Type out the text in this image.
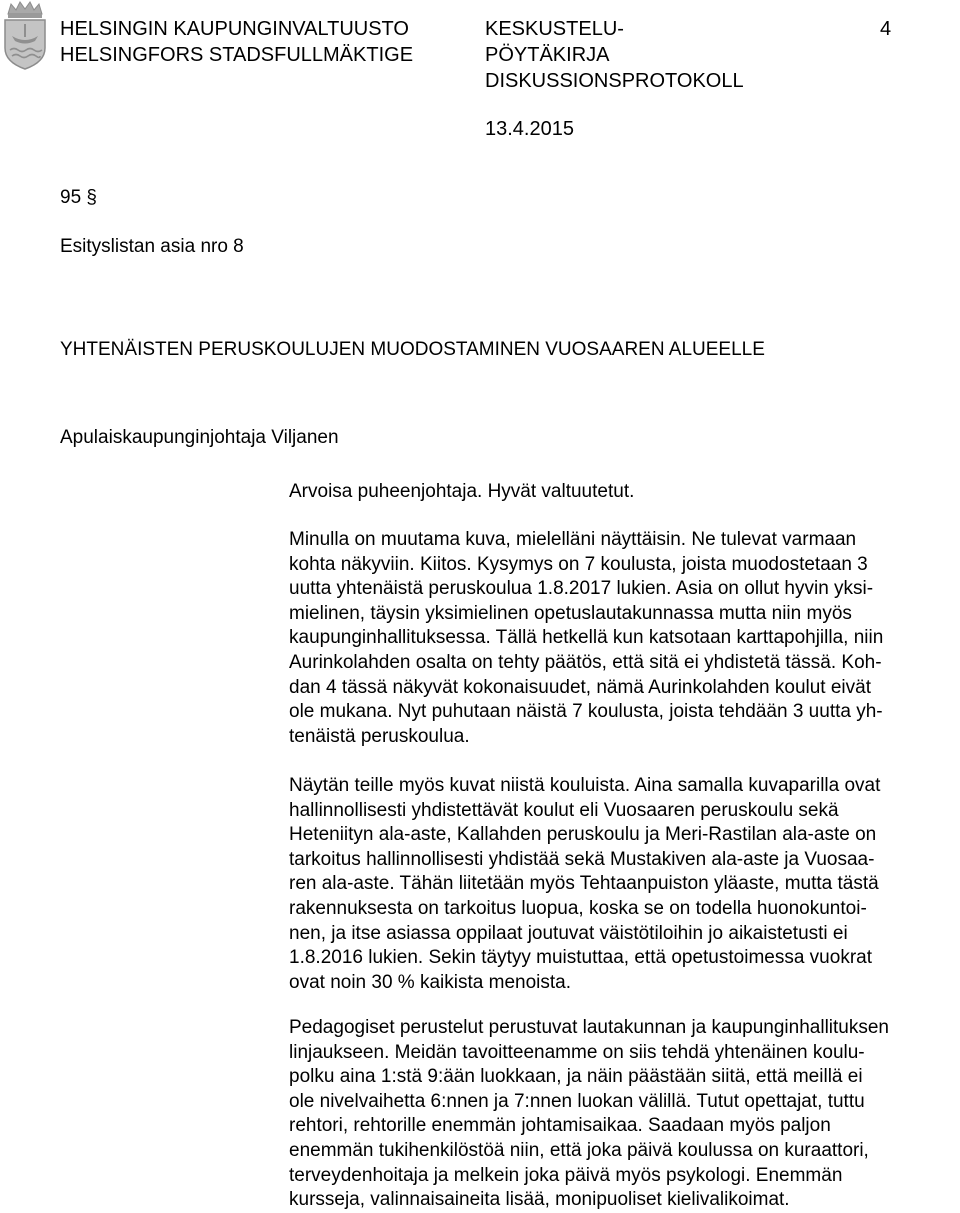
HELSINGIN KAUPUNGINVALTUUSTO
HELSINGFORS STADSFULLMÄKTIGE
KESKUSTELU-
PÖYTÄKIRJA
DISKUSSIONSPROTOKOLL
4
13.4.2015
95 §
Esityslistan asia nro 8
YHTENÄISTEN PERUSKOULUJEN MUODOSTAMINEN VUOSAAREN ALUEELLE
Apulaiskaupunginjohtaja Viljanen
Arvoisa puheenjohtaja. Hyvät valtuutetut.
Minulla on muutama kuva, mielelläni näyttäisin. Ne tulevat varmaan
kohta näkyviin. Kiitos. Kysymys on 7 koulusta, joista muodostetaan 3
uutta yhtenäistä peruskoulua 1.8.2017 lukien. Asia on ollut hyvin yksi-
mielinen, täysin yksimielinen opetuslautakunnassa mutta niin myös
kaupunginhallituksessa. Tällä hetkellä kun katsotaan karttapohjilla, niin
Aurinkolahden osalta on tehty päätös, että sitä ei yhdistetä tässä. Koh-
dan 4 tässä näkyvät kokonaisuudet, nämä Aurinkolahden koulut eivät
ole mukana. Nyt puhutaan näistä 7 koulusta, joista tehdään 3 uutta yh-
tenäistä peruskoulua.
Näytän teille myös kuvat niistä kouluista. Aina samalla kuvaparilla ovat
hallinnollisesti yhdistettävät koulut eli Vuosaaren peruskoulu sekä
Heteniityn ala-aste, Kallahden peruskoulu ja Meri-Rastilan ala-aste on
tarkoitus hallinnollisesti yhdistää sekä Mustakiven ala-aste ja Vuosaa-
ren ala-aste. Tähän liitetään myös Tehtaanpuiston yläaste, mutta tästä
rakennuksesta on tarkoitus luopua, koska se on todella huonokuntoi-
nen, ja itse asiassa oppilaat joutuvat väistötiloihin jo aikaistetusti ei
1.8.2016 lukien. Sekin täytyy muistuttaa, että opetustoimessa vuokrat
ovat noin 30 % kaikista menoista.
Pedagogiset perustelut perustuvat lautakunnan ja kaupunginhallituksen
linjaukseen. Meidän tavoitteenamme on siis tehdä yhtenäinen koulu-
polku aina 1:stä 9:ään luokkaan, ja näin päästään siitä, että meillä ei
ole nivelvaihetta 6:nnen ja 7:nnen luokan välillä. Tutut opettajat, tuttu
rehtori, rehtorille enemmän johtamisaikaa. Saadaan myös paljon
enemmän tukihenkilöstöä niin, että joka päivä koulussa on kuraattori,
terveydenhoitaja ja melkein joka päivä myös psykologi. Enemmän
kursseja, valinnaisaineita lisää, monipuoliset kielivalikoimat.
